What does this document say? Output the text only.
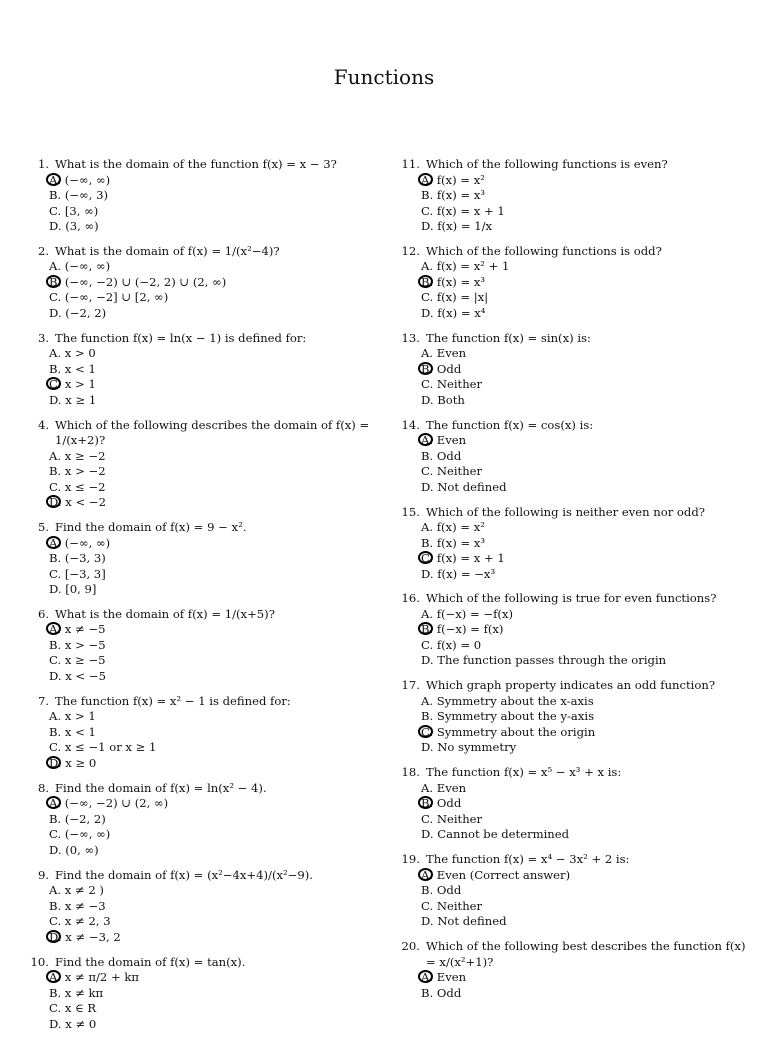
Functions
1. What is the domain of the function f(x) = x − 3?
A. (−∞, ∞)
B. (−∞, 3)
C. [3, ∞)
D. (3, ∞)
2. What is the domain of f(x) = 1/(x²−4)?
A. (−∞, ∞)
B. (−∞, −2) ∪ (−2, 2) ∪ (2, ∞)
C. (−∞, −2] ∪ [2, ∞)
D. (−2, 2)
3. The function f(x) = ln(x − 1) is defined for:
A. x > 0
B. x < 1
C. x > 1
D. x ≥ 1
4. Which of the following describes the domain of f(x) = 1/(x+2)?
A. x ≥ −2
B. x > −2
C. x ≤ −2
D. x < −2
5. Find the domain of f(x) = 9 − x².
A. (−∞, ∞)
B. (−3, 3)
C. [−3, 3]
D. [0, 9]
6. What is the domain of f(x) = 1/(x+5)?
A. x ≠ −5
B. x > −5
C. x ≥ −5
D. x < −5
7. The function f(x) = x² − 1 is defined for:
A. x > 1
B. x < 1
C. x ≤ −1 or x ≥ 1
D. x ≥ 0
8. Find the domain of f(x) = ln(x² − 4).
A. (−∞, −2) ∪ (2, ∞)
B. (−2, 2)
C. (−∞, ∞)
D. (0, ∞)
9. Find the domain of f(x) = (x²−4x+4)/(x²−9).
A. x ≠ 2 )
B. x ≠ −3
C. x ≠ 2, 3
D. x ≠ −3, 2
10. Find the domain of f(x) = tan(x).
A. x ≠ π/2 + kπ
B. x ≠ kπ
C. x ∈ R
D. x ≠ 0
11. Which of the following functions is even?
A. f(x) = x²
B. f(x) = x³
C. f(x) = x + 1
D. f(x) = 1/x
12. Which of the following functions is odd?
A. f(x) = x² + 1
B. f(x) = x³
C. f(x) = |x|
D. f(x) = x⁴
13. The function f(x) = sin(x) is:
A. Even
B. Odd
C. Neither
D. Both
14. The function f(x) = cos(x) is:
A. Even
B. Odd
C. Neither
D. Not defined
15. Which of the following is neither even nor odd?
A. f(x) = x²
B. f(x) = x³
C. f(x) = x + 1
D. f(x) = −x³
16. Which of the following is true for even functions?
A. f(−x) = −f(x)
B. f(−x) = f(x)
C. f(x) = 0
D. The function passes through the origin
17. Which graph property indicates an odd function?
A. Symmetry about the x-axis
B. Symmetry about the y-axis
C. Symmetry about the origin
D. No symmetry
18. The function f(x) = x⁵ − x³ + x is:
A. Even
B. Odd
C. Neither
D. Cannot be determined
19. The function f(x) = x⁴ − 3x² + 2 is:
A. Even (Correct answer)
B. Odd
C. Neither
D. Not defined
20. Which of the following best describes the function f(x) = x/(x²+1)?
A. Even
B. Odd
